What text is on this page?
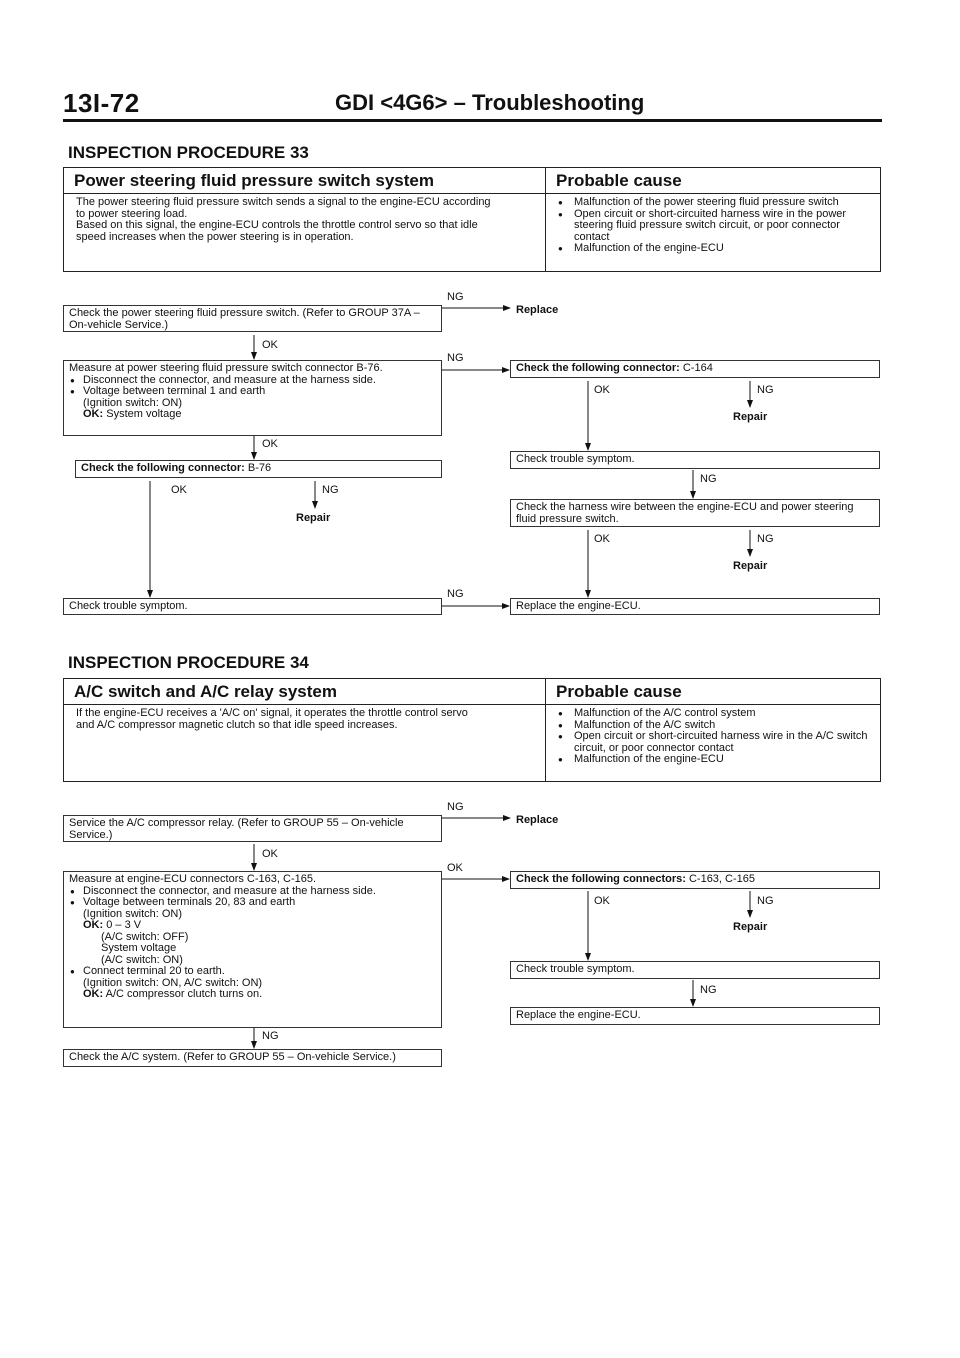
13I-72	GDI <4G6> – Troubleshooting
INSPECTION PROCEDURE 33
Power steering fluid pressure switch system
The power steering fluid pressure switch sends a signal to the engine-ECU according
to power steering load.
Based on this signal, the engine-ECU controls the throttle control servo so that idle
speed increases when the power steering is in operation.
Probable cause
● Malfunction of the power steering fluid pressure switch
● Open circuit or short-circuited harness wire in the power steering fluid pressure switch circuit, or poor connector contact
● Malfunction of the engine-ECU
Check the power steering fluid pressure switch. (Refer to GROUP 37A – On-vehicle Service.)
NG
Replace
OK
Measure at power steering fluid pressure switch connector B-76.
● Disconnect the connector, and measure at the harness side.
● Voltage between terminal 1 and earth
(Ignition switch: ON)
OK: System voltage
NG
OK
Check the following connector: B-76
OK	NG
Repair
Check trouble symptom.
NG
Check the following connector: C-164
OK	NG
Repair
Check trouble symptom.
NG
Check the harness wire between the engine-ECU and power steering fluid pressure switch.
OK	NG
Repair
Replace the engine-ECU.
INSPECTION PROCEDURE 34
A/C switch and A/C relay system
If the engine-ECU receives a 'A/C on' signal, it operates the throttle control servo
and A/C compressor magnetic clutch so that idle speed increases.
Probable cause
● Malfunction of the A/C control system
● Malfunction of the A/C switch
● Open circuit or short-circuited harness wire in the A/C switch circuit, or poor connector contact
● Malfunction of the engine-ECU
Service the A/C compressor relay. (Refer to GROUP 55 – On-vehicle Service.)
NG
Replace
OK
Measure at engine-ECU connectors C-163, C-165.
● Disconnect the connector, and measure at the harness side.
● Voltage between terminals 20, 83 and earth
(Ignition switch: ON)
OK: 0 – 3 V
(A/C switch: OFF)
System voltage
(A/C switch: ON)
● Connect terminal 20 to earth.
(Ignition switch: ON, A/C switch: ON)
OK: A/C compressor clutch turns on.
OK
NG
Check the A/C system. (Refer to GROUP 55 – On-vehicle Service.)
Check the following connectors: C-163, C-165
OK	NG
Repair
Check trouble symptom.
NG
Replace the engine-ECU.
